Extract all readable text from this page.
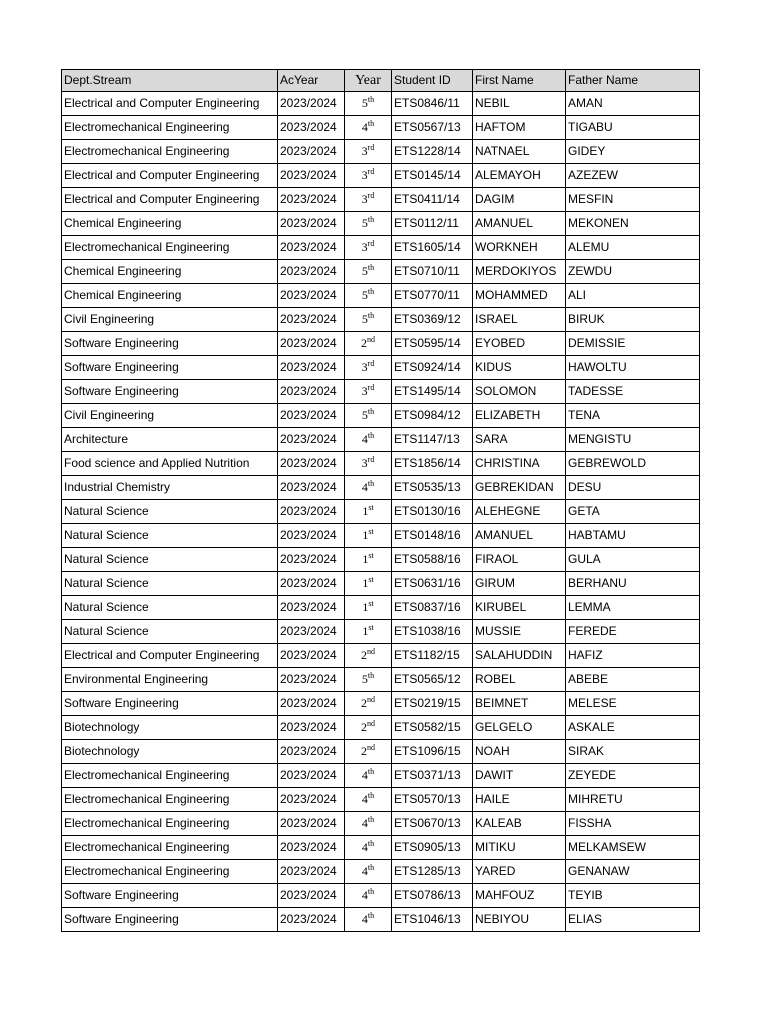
Dept.Stream	AcYear	Year	Student ID	First Name	Father Name
Electrical and Computer Engineering	2023/2024	5th	ETS0846/11	NEBIL	AMAN
Electromechanical Engineering	2023/2024	4th	ETS0567/13	HAFTOM	TIGABU
Electromechanical Engineering	2023/2024	3rd	ETS1228/14	NATNAEL	GIDEY
Electrical and Computer Engineering	2023/2024	3rd	ETS0145/14	ALEMAYOH	AZEZEW
Electrical and Computer Engineering	2023/2024	3rd	ETS0411/14	DAGIM	MESFIN
Chemical Engineering	2023/2024	5th	ETS0112/11	AMANUEL	MEKONEN
Electromechanical Engineering	2023/2024	3rd	ETS1605/14	WORKNEH	ALEMU
Chemical Engineering	2023/2024	5th	ETS0710/11	MERDOKIYOS	ZEWDU
Chemical Engineering	2023/2024	5th	ETS0770/11	MOHAMMED	ALI
Civil Engineering	2023/2024	5th	ETS0369/12	ISRAEL	BIRUK
Software Engineering	2023/2024	2nd	ETS0595/14	EYOBED	DEMISSIE
Software Engineering	2023/2024	3rd	ETS0924/14	KIDUS	HAWOLTU
Software Engineering	2023/2024	3rd	ETS1495/14	SOLOMON	TADESSE
Civil Engineering	2023/2024	5th	ETS0984/12	ELIZABETH	TENA
Architecture	2023/2024	4th	ETS1147/13	SARA	MENGISTU
Food science and Applied Nutrition	2023/2024	3rd	ETS1856/14	CHRISTINA	GEBREWOLD
Industrial Chemistry	2023/2024	4th	ETS0535/13	GEBREKIDAN	DESU
Natural Science	2023/2024	1st	ETS0130/16	ALEHEGNE	GETA
Natural Science	2023/2024	1st	ETS0148/16	AMANUEL	HABTAMU
Natural Science	2023/2024	1st	ETS0588/16	FIRAOL	GULA
Natural Science	2023/2024	1st	ETS0631/16	GIRUM	BERHANU
Natural Science	2023/2024	1st	ETS0837/16	KIRUBEL	LEMMA
Natural Science	2023/2024	1st	ETS1038/16	MUSSIE	FEREDE
Electrical and Computer Engineering	2023/2024	2nd	ETS1182/15	SALAHUDDIN	HAFIZ
Environmental Engineering	2023/2024	5th	ETS0565/12	ROBEL	ABEBE
Software Engineering	2023/2024	2nd	ETS0219/15	BEIMNET	MELESE
Biotechnology	2023/2024	2nd	ETS0582/15	GELGELO	ASKALE
Biotechnology	2023/2024	2nd	ETS1096/15	NOAH	SIRAK
Electromechanical Engineering	2023/2024	4th	ETS0371/13	DAWIT	ZEYEDE
Electromechanical Engineering	2023/2024	4th	ETS0570/13	HAILE	MIHRETU
Electromechanical Engineering	2023/2024	4th	ETS0670/13	KALEAB	FISSHA
Electromechanical Engineering	2023/2024	4th	ETS0905/13	MITIKU	MELKAMSEW
Electromechanical Engineering	2023/2024	4th	ETS1285/13	YARED	GENANAW
Software Engineering	2023/2024	4th	ETS0786/13	MAHFOUZ	TEYIB
Software Engineering	2023/2024	4th	ETS1046/13	NEBIYOU	ELIAS
